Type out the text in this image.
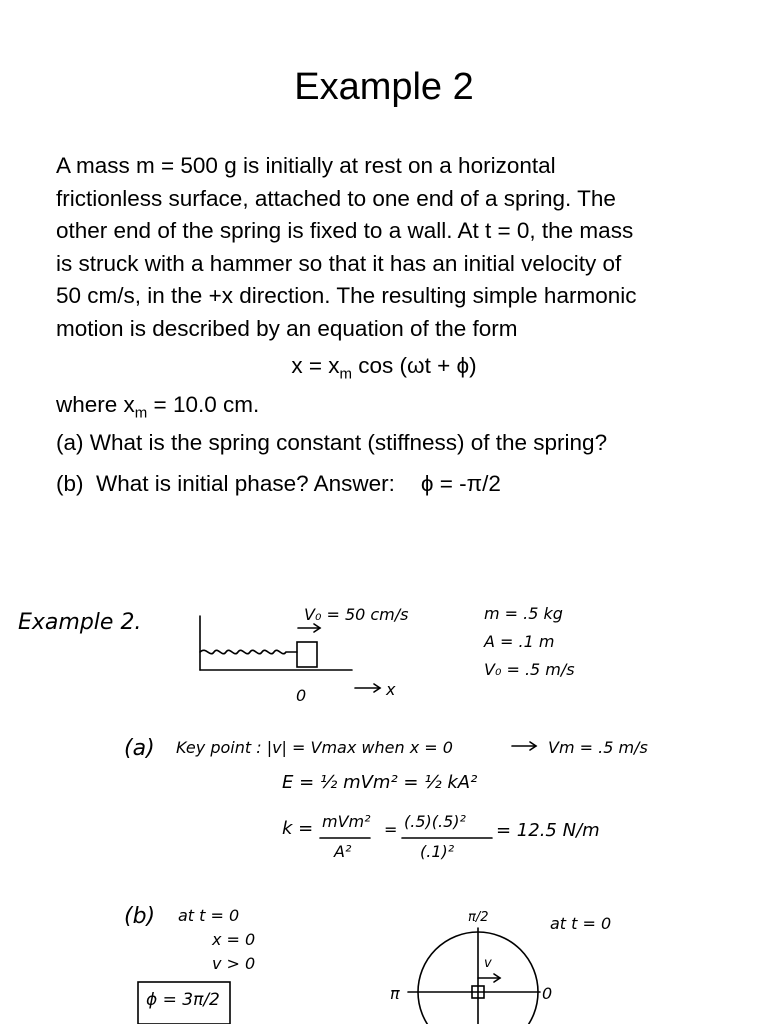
Example 2

A mass m = 500 g is initially at rest on a horizontal

frictionless surface, attached to one end of a spring. The

other end of the spring is fixed to a wall. At t = 0, the mass

is struck with a hammer so that it has an initial velocity of

50 cm/s, in the +x direction. The resulting simple harmonic

motion is described by an equation of the form

$x = x_m$ cos (ωt + ϕ)
where $x_m = 10.0$ cm.
(a) What is the spring constant (stiffness) of the spring?
(b)  What is initial phase? Answer: ϕ = -π/2
Example 2.	V₀ = 50 cm/s
0	x
m = .5 kg
A = .1 m
V₀ = .5 m/s
(a) Key point : |v| = Vmax when x = 0	Vm = .5 m/s
E = ½ mVm² = ½ kA²
k = mVm²
A²
= (.5)(.5)²
(.1)²
= 12.5 N/m
(b) at t = 0
x = 0
v > 0
ϕ = 3π/2
π/2
π	0
at t = 0
v
